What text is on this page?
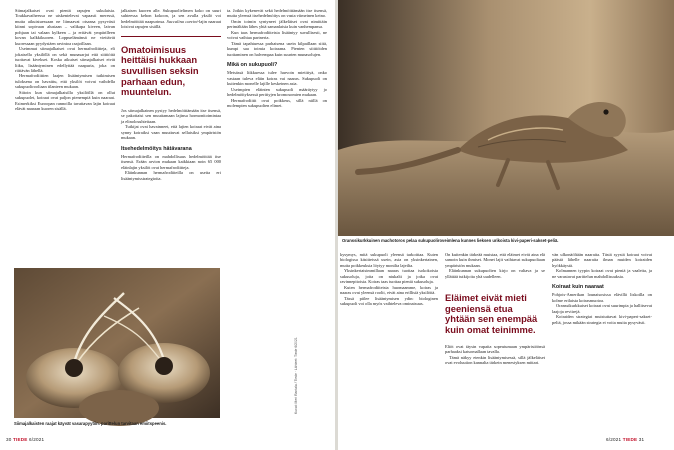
Siimajalkaiset ovat pientä rapujen sukulaisia. Toukkavaiheessa ne uiskentelevat vapaasti meressä, mutta aikuistuessaan ne liimaavat otsansa pysyvästi kiinni sopivaan alustaan – valikapa kiveen, laivan pohjaan tai valaan kylkeen – ja eritävät ympärilleen kovan kalkkikuoren. Loppuelämänsä ne viettävät kuoressaan pyydystäen ravintoa raajoillaan.

Useimmat siimajalkaiset ovat hermafrodiitteja, eli jokaisella yksilöllä on sekä munasarjat että siittiöitä tuottavat kivekset. Koska aikuiset siimajalkaiset eivät liiku, lisääntyminen edellyttää naapuria, joka on riittävän lähellä.

Hermafrodiittien laajen lisääntymisen tutkimisen tuloksena on havaittu, että yksilöt voivat vaihdella sukupuolirooliaan tilanteen mukaan.

Siitoin kun siimajalkaisilla yksilöillä on ollut sukupuolet, koiraat ovat paljon pienempiä kuin naaraat. Esimerkiksi Euroopan rannoilla tavattavan lajin koiraat elävät naaraan kuoren sisällä.

jalkaisen kuoren alle. Sukupuolielimen koko on suuri suhteessa kehon kokoon, ja sen avulla yksilö voi hedelmöittää naapurinsa. Saccalina carcini-lajin naaraat loisivat rapujen sisällä.

Omatoimisuus heittäisi hukkaan suvullisen seksin parhaan edun, muuntelun.

Jos siimajalkainen pystyy hedelmöittämään itse itsensä, se pakottaisi sen muuttamaan lajinsa hormonitoimintaa ja elinolosuhteitaan.

Tutkijat ovat havainneet, että lajien koiraat eivät aina synny koiraiksi vaan muuttuvat sellaisiksi ympäristön mukaan.

Itsehedelmöitys hätävarana

Hermafrodiiteilla on mahdollisuus hedelmöittää itse itsensä. Erään arvion mukaan kaikkiaan noin 65 000 eläinlajin yksilöt ovat hermafrodiitteja.

Eläinkunnan hermafrodiiteilla on useita eri lisääntymisstrategioita.

ta. Jotkin kykenevät sekä hedelmöittämään itse itsensä, mutta yleensä itsehedelmöitys on vasta viimeinen keino.

Omin toimin syntyneet jälkeläiset ovat nimittäin perimältään lähes yhtä samanlaisia kuin vanhempansa.

Kun taas hermafrodiiteista lisääntyy suvullisesti, ne voivat vaihtaa partneria.

Tämä tapahtuessa parhaisena usein kilpaillaan siitä, kumpi saa toimia koiraana. Pienten siittiöiden tuottaminen on halvempaa kuin suurten munasolujen.

Mikä on sukupuoli?

Metsässä liikkuessa tulee harvoin mietittyä, onko vastaan tuleva eläin koiras vai naaras. Sukupuoli on kuitenkin monelle lajille keskeinen asia.

Useimpien eläinten sukupuoli määräytyy jo hedelmöityksessä perittyjen kromosomien mukaan.

Hermafrodiitit ovat poikkeus, sillä niillä on molempien sukupuolten elimet.

Siimajalkaisten raajat käyvät vasarapyytiin. parittelun tarvitaan emiitspeenis.
30 TIEDE 6/2021
Oranssikurkkuinen machotoros pelaa sukupuoliroveimlena kunnes lieksen urikoista kivi-paperi-sakset-peliä.
Kuvat: Meri Rantala / Tiede · Lähteet: Tiede 6/2021

kysymys, mitä sukupuoli yleensä tarkoittaa. Kuten biologissa käsitteissä usein, asia on yksinkertainen, mutta poikkeuksia löytyy monilta lajeilta.

Yksinkertaisimmillaan naaras tuottaa isokokoisia sukusoluja, joita on niukalti ja jotka ovat ravinnepitoisia. Koiras taas tuottaa pieniä sukusoluja.

Kuten hermafrodiiteista huomaamme, koiras ja naaras ovat yleensä roolit, eivät aina erillisiä yksilöitä.

Tässä piilee lisääntymisen ydin: biologinen sukupuoli voi olla myös vaihteleva ominaisuus.

On kuitenkin tärkeää muistaa, että eläimet eivät aina elä samoin kuin ihmiset. Monet lajit vaihtavat sukupuoltaan ympäristön mukaan.

Eläinkunnan sukupuolten kirjo on valtava ja se yllättää tutkijoita yhä uudelleen.

Eläimet eivät mieti geeniensä etua yhtään sen enempää kuin omat teinimme.

Eliöt ovat täysin vapaita sopeutumaan ympäristöönsä parhaaksi katsomallaan tavalla.

Tämä näkyy etenkin lisääntymisessä, sillä jälkeläiset ovat evoluution kannalta tärkein menestyksen mittari.

vän ulkonäöltään naaraita. Tästä syystä koiraat voivat päästä lähelle naaraita ilman muiden koiraiden hyökkäystä.

Kolmannen tyypin koiraat ovat pieniä ja vaaleita, ja ne varastavat parittelun mahdollisuuksia.

Koiraat kuin naaraat

Pohjois-Amerikan lounaisosissa elävillä liskoilla on kolme erilaista koirasmuotoa.

Oranssikurkkuiset koiraat ovat suurimpia ja hallitsevat laajoja reviirejä.

Koiraiden strategiat muistuttavat kivi-paperi-sakset-peliä, jossa mikään strategia ei voita muita pysyvästi.

6/2021 TIEDE 31
